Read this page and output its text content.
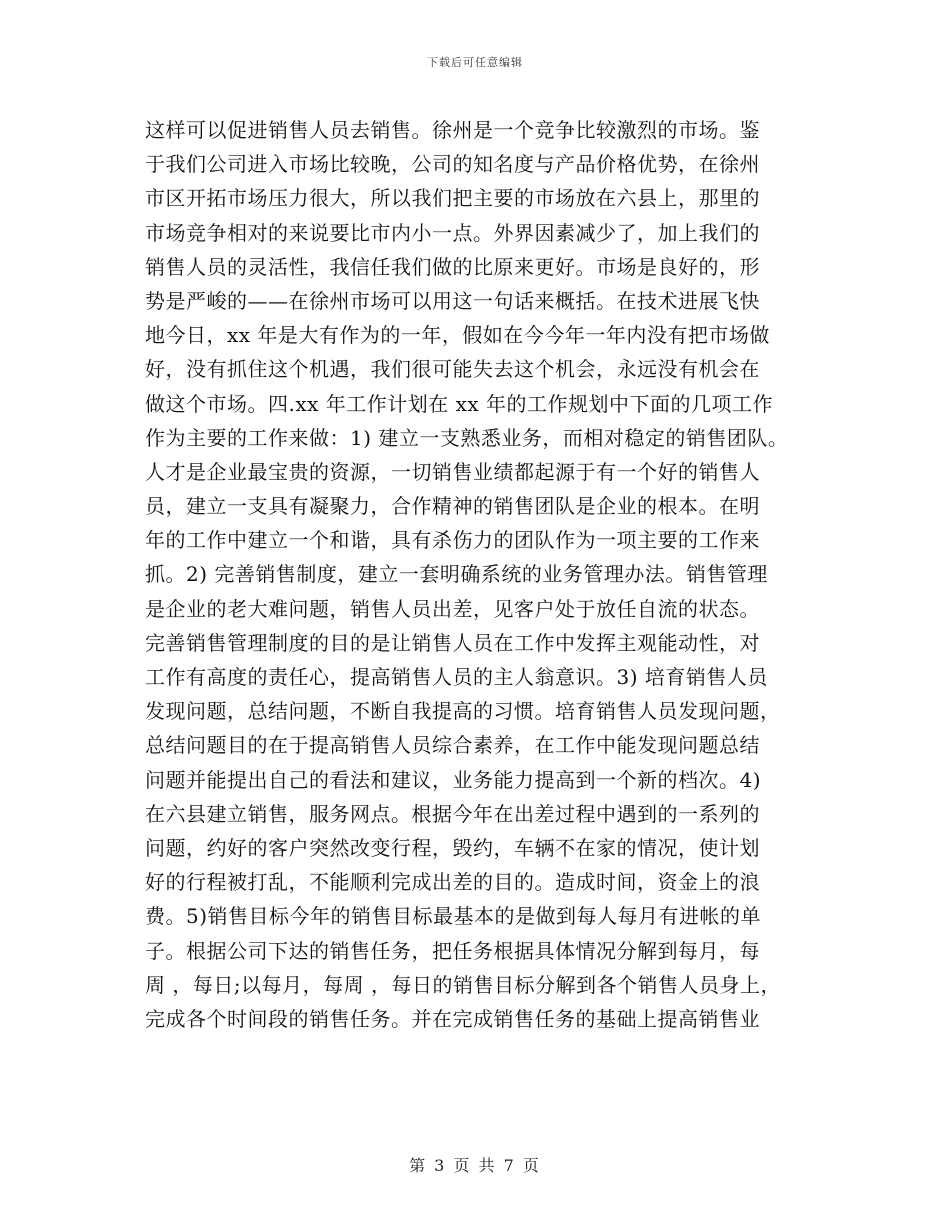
下载后可任意编辑
这样可以促进销售人员去销售。徐州是一个竞争比较激烈的市场。鉴
于我们公司进入市场比较晚，公司的知名度与产品价格优势，在徐州
市区开拓市场压力很大，所以我们把主要的市场放在六县上，那里的
市场竞争相对的来说要比市内小一点。外界因素减少了，加上我们的
销售人员的灵活性，我信任我们做的比原来更好。市场是良好的，形
势是严峻的——在徐州市场可以用这一句话来概括。在技术进展飞快
地今日，xx 年是大有作为的一年，假如在今今年一年内没有把市场做
好，没有抓住这个机遇，我们很可能失去这个机会，永远没有机会在
做这个市场。四.xx 年工作计划在 xx 年的工作规划中下面的几项工作
作为主要的工作来做：1) 建立一支熟悉业务，而相对稳定的销售团队。
人才是企业最宝贵的资源，一切销售业绩都起源于有一个好的销售人
员，建立一支具有凝聚力，合作精神的销售团队是企业的根本。在明
年的工作中建立一个和谐，具有杀伤力的团队作为一项主要的工作来
抓。2) 完善销售制度，建立一套明确系统的业务管理办法。销售管理
是企业的老大难问题，销售人员出差，见客户处于放任自流的状态。
完善销售管理制度的目的是让销售人员在工作中发挥主观能动性，对
工作有高度的责任心，提高销售人员的主人翁意识。3) 培育销售人员
发现问题，总结问题，不断自我提高的习惯。培育销售人员发现问题，
总结问题目的在于提高销售人员综合素养，在工作中能发现问题总结
问题并能提出自己的看法和建议，业务能力提高到一个新的档次。4)
在六县建立销售，服务网点。根据今年在出差过程中遇到的一系列的
问题，约好的客户突然改变行程，毁约，车辆不在家的情况，使计划
好的行程被打乱，不能顺利完成出差的目的。造成时间，资金上的浪
费。5)销售目标今年的销售目标最基本的是做到每人每月有进帐的单
子。根据公司下达的销售任务，把任务根据具体情况分解到每月，每
周 ，每日;以每月，每周 ，每日的销售目标分解到各个销售人员身上，
完成各个时间段的销售任务。并在完成销售任务的基础上提高销售业
第 3 页 共 7 页
